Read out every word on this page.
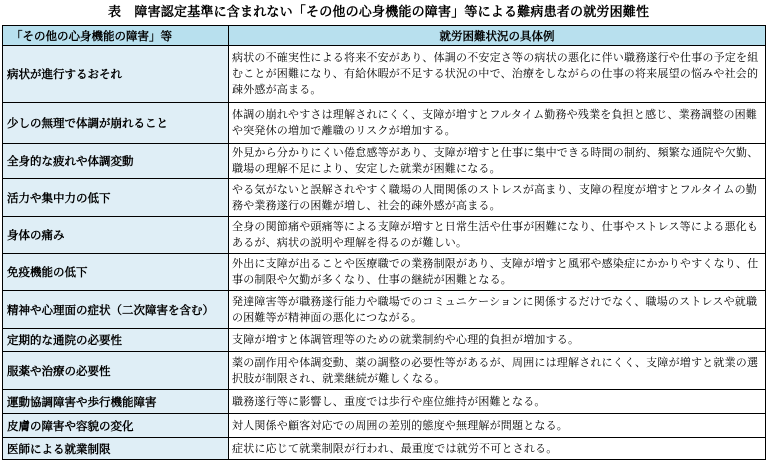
表　障害認定基準に含まれない「その他の心身機能の障害」等による難病患者の就労困難性
「その他の心身機能の障害」等	就労困難状況の具体例
病状が進行するおそれ	病状の不確実性による将来不安があり、体調の不安定さ等の病状の悪化に伴い職務遂行や仕事の予定を組むことが困難になり、有給休暇が不足する状況の中で、治療をしながらの仕事の将来展望の悩みや社会的疎外感が高まる。
少しの無理で体調が崩れること	体調の崩れやすさは理解されにくく、支障が増すとフルタイム勤務や残業を負担と感じ、業務調整の困難や突発休の増加で離職のリスクが増加する。
全身的な疲れや体調変動	外見から分かりにくい倦怠感等があり、支障が増すと仕事に集中できる時間の制約、頻繁な通院や欠勤、職場の理解不足により、安定した就業が困難になる。
活力や集中力の低下	やる気がないと誤解されやすく職場の人間関係のストレスが高まり、支障の程度が増すとフルタイムの勤務や業務遂行の困難が増し、社会的疎外感が高まる。
身体の痛み	全身の関節痛や頭痛等による支障が増すと日常生活や仕事が困難になり、仕事やストレス等による悪化もあるが、病状の説明や理解を得るのが難しい。
免疫機能の低下	外出に支障が出ることや医療職での業務制限があり、支障が増すと風邪や感染症にかかりやすくなり、仕事の制限や欠勤が多くなり、仕事の継続が困難となる。
精神や心理面の症状（二次障害を含む）	発達障害等が職務遂行能力や職場でのコミュニケーションに関係するだけでなく、職場のストレスや就職の困難等が精神面の悪化につながる。
定期的な通院の必要性	支障が増すと体調管理等のための就業制約や心理的負担が増加する。
服薬や治療の必要性	薬の副作用や体調変動、薬の調整の必要性等があるが、周囲には理解されにくく、支障が増すと就業の選択肢が制限され、就業継続が難しくなる。
運動協調障害や歩行機能障害	職務遂行等に影響し、重度では歩行や座位維持が困難となる。
皮膚の障害や容貌の変化	対人関係や顧客対応での周囲の差別的態度や無理解が問題となる。
医師による就業制限	症状に応じて就業制限が行われ、最重度では就労不可とされる。
